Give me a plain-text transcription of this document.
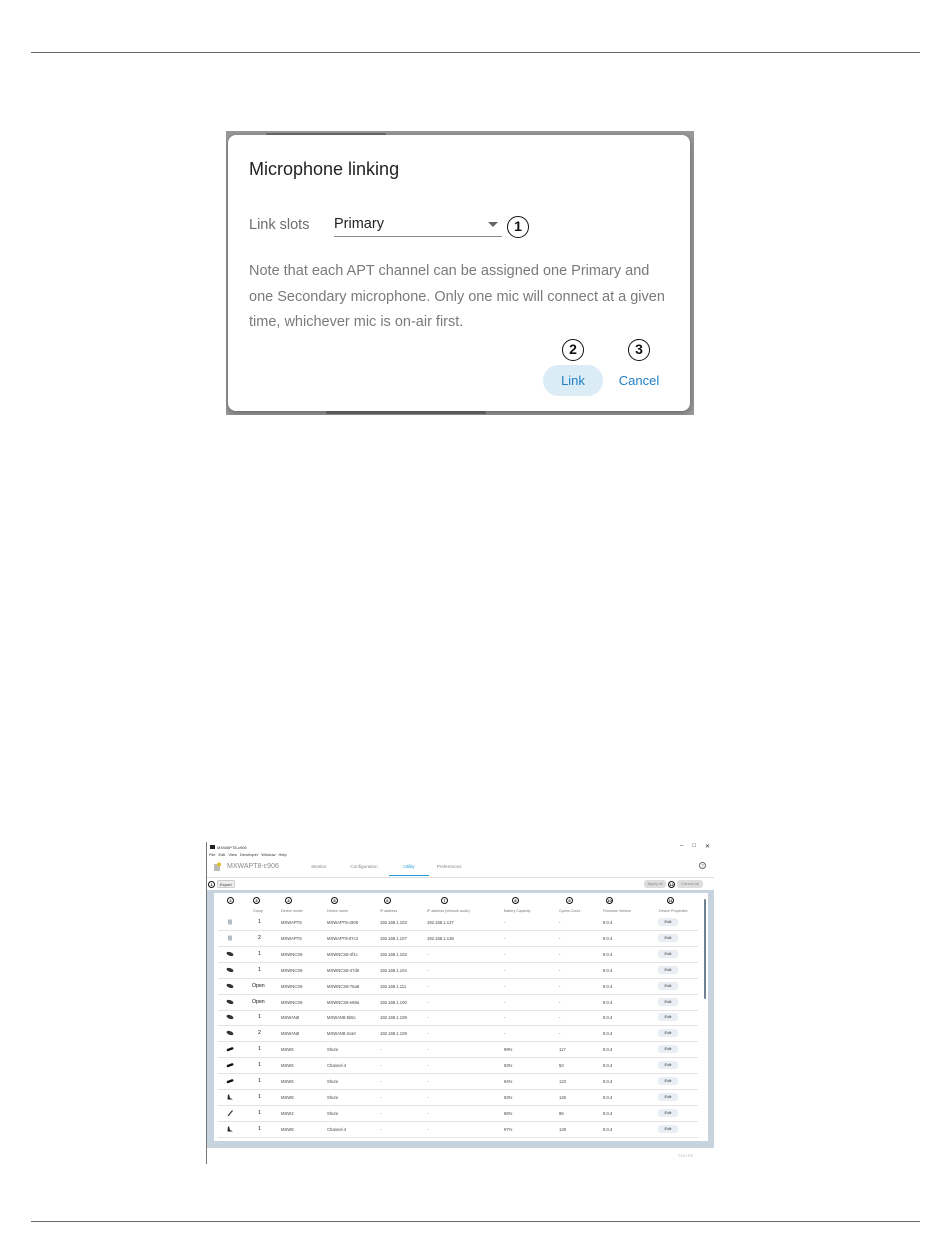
Microphone linking
Link slots Primary	1
Note that each APT channel can be assigned one Primary and one Secondary microphone. Only one mic will connect at a given time, whichever mic is on-air first.
2	3
Link	Cancel
MXWAPT8-c906	– □ ✕
File Edit View Developer Window Help
MXWAPT8-c906	Monitor	Configuration	Utility	Preferences	?
1	Export	Apply all	12	Cancel all
2	3	4	5	6	7	8	9	10	11
Group	Device model	Device name	IP address	IP address (network audio)	Battery Capacity	Cycles Count	Firmware Version	Device Properties
1	MXWAPT8	MXWAPT8-c906	192.168.1.103	192.168.1.137	-	-	9.0.4	Edit
2	MXWAPT8	MXWAPT8-67c2	192.168.1.107	192.168.1.136	-	-	9.0.4	Edit
1	MXWNCS8	MXWNCS8-4f1c	192.168.1.102	-	-	-	9.0.4	Edit
1	MXWNCS8	MXWNCS8-47d0	192.168.1.104	-	-	-	9.0.4	Edit
Open	MXWNCS8	MXWNCS8-76a8	192.168.1.111	-	-	-	9.0.4	Edit
Open	MXWNCS8	MXWNCS8-e69a	192.168.1.100	-	-	-	9.0.4	Edit
1	MXWAN8	MXWAN8-5b5c	192.168.1.108	-	-	-	9.0.4	Edit
2	MXWAN8	MXWAN8-2ca0	192.168.1.109	-	-	-	9.0.4	Edit
1	MXW6	Shure	-	-	99%	117	9.0.4	Edit
1	MXW6	Channel 4	-	-	93%	50	9.0.4	Edit
1	MXW6	Shure	-	-	94%	123	9.0.4	Edit
1	MXW8	Shure	-	-	93%	126	9.0.4	Edit
1	MXW2	Shure	-	-	86%	86	9.0.4	Edit
1	MXW8	Channel 4	-	-	97%	128	9.0.4	Edit
SHURE
